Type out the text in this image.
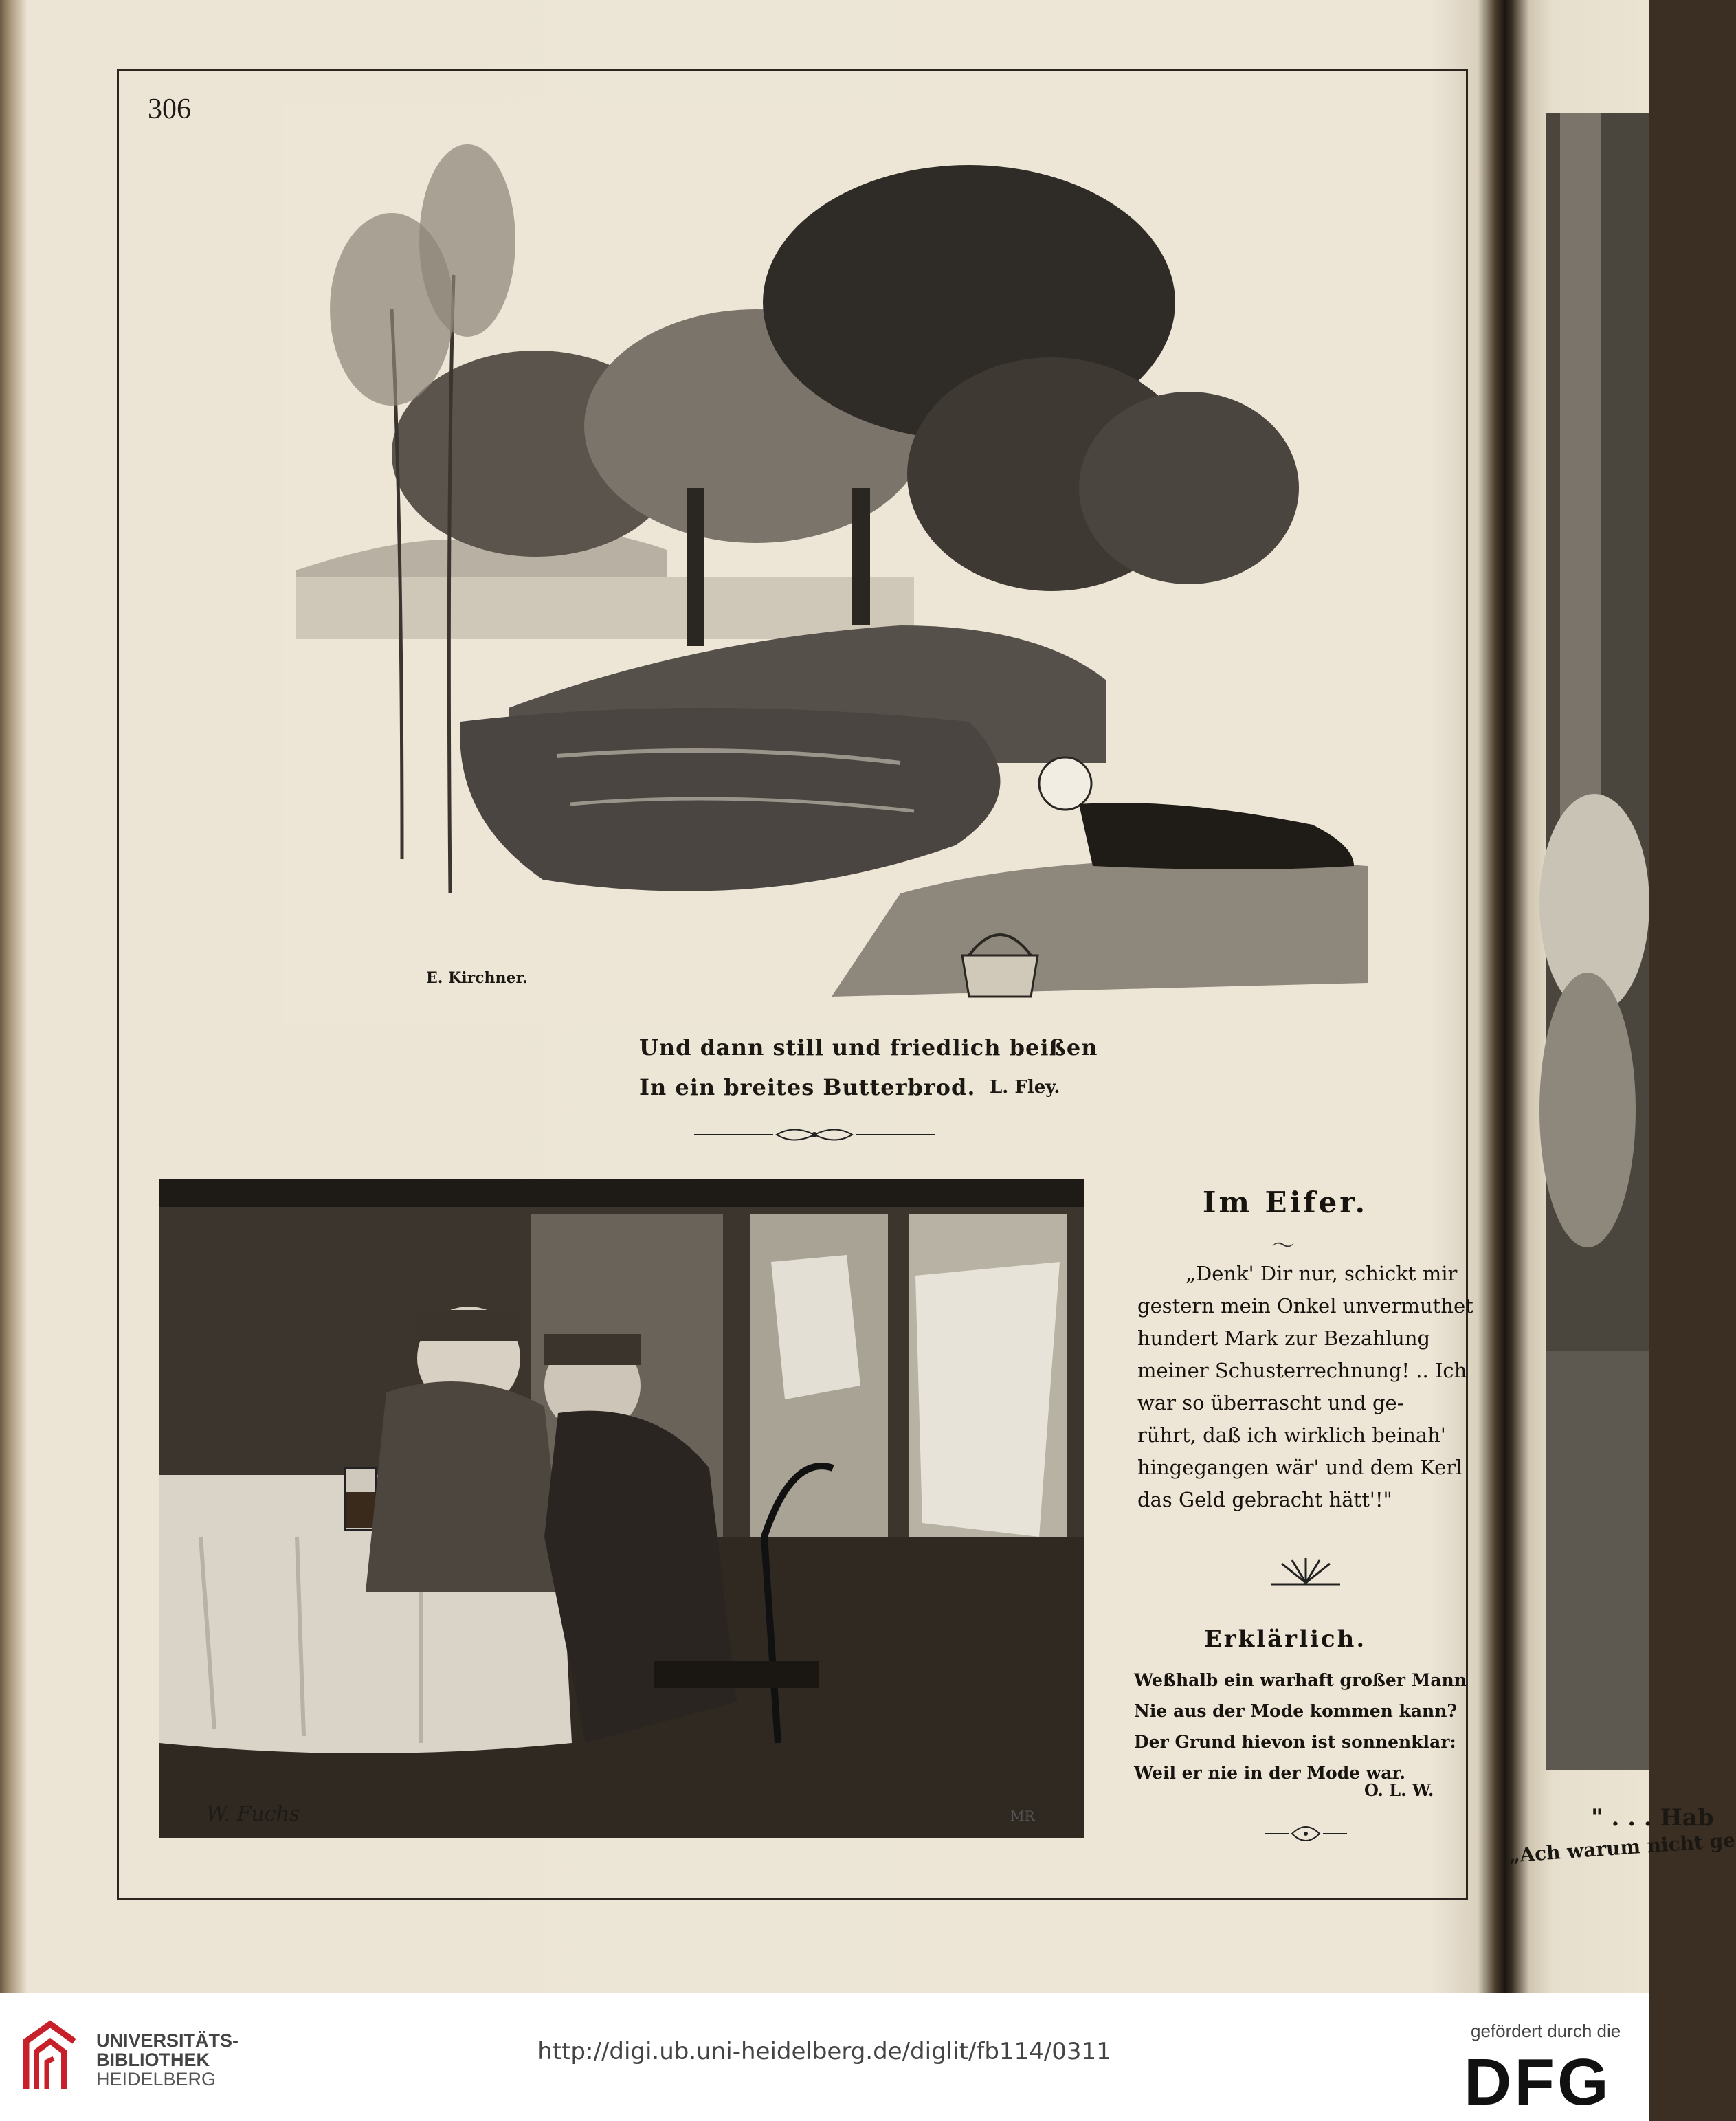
306
E. Kirchner.
Und dann still und friedlich beißen
In ein breites Butterbrod. L. Fley.
W. Fuchs	MR
Im Eifer.
〜
„Denk' Dir nur, schickt mir
gestern mein Onkel unvermuthet
hundert Mark zur Bezahlung
meiner Schusterrechnung! .. Ich
war so überrascht und ge-
rührt, daß ich wirklich beinah'
hingegangen wär' und dem Kerl
das Geld gebracht hätt'!"
Erklärlich.
Weßhalb ein warhaft großer Mann
Nie aus der Mode kommen kann?
Der Grund hievon ist sonnenklar:
Weil er nie in der Mode war.
O. L. W.
" . . . Hab
„Ach warum nicht ge
UNIVERSITÄTS-
BIBLIOTHEK
HEIDELBERG
http://digi.ub.uni-heidelberg.de/diglit/fb114/0311
gefördert durch die
DFG
